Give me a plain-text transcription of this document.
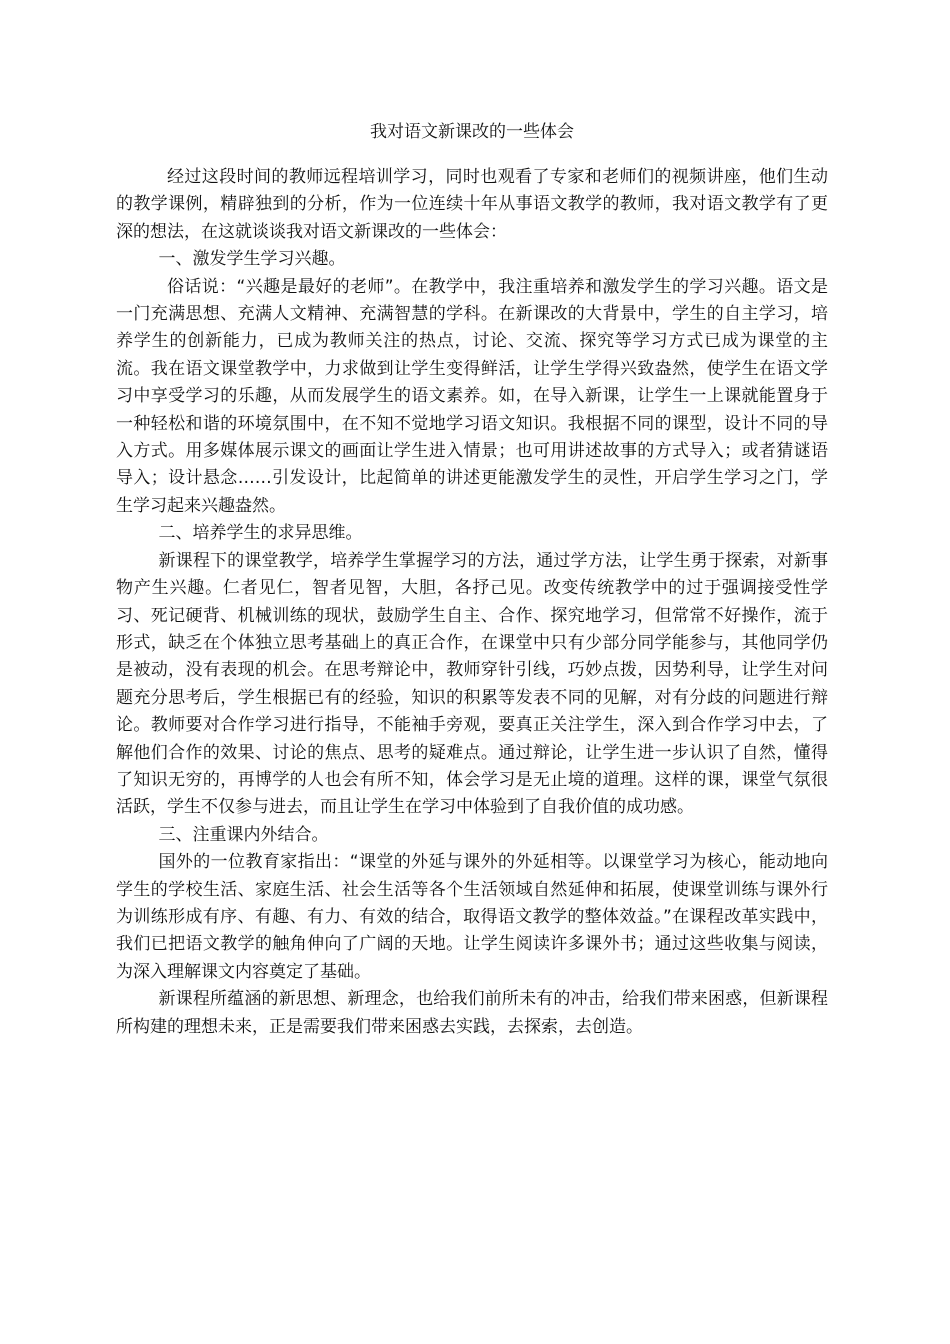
我对语文新课改的一些体会

经过这段时间的教师远程培训学习，同时也观看了专家和老师们的视频讲座，他们生动的教学课例，精辟独到的分析，作为一位连续十年从事语文教学的教师，我对语文教学有了更深的想法，在这就谈谈我对语文新课改的一些体会：

一、激发学生学习兴趣。

俗话说：“兴趣是最好的老师”。在教学中，我注重培养和激发学生的学习兴趣。语文是一门充满思想、充满人文精神、充满智慧的学科。在新课改的大背景中，学生的自主学习，培养学生的创新能力，已成为教师关注的热点，讨论、交流、探究等学习方式已成为课堂的主流。我在语文课堂教学中，力求做到让学生变得鲜活，让学生学得兴致盎然，使学生在语文学习中享受学习的乐趣，从而发展学生的语文素养。如，在导入新课，让学生一上课就能置身于一种轻松和谐的环境氛围中，在不知不觉地学习语文知识。我根据不同的课型，设计不同的导入方式。用多媒体展示课文的画面让学生进入情景；也可用讲述故事的方式导入；或者猜谜语导入；设计悬念……引发设计，比起简单的讲述更能激发学生的灵性，开启学生学习之门，学生学习起来兴趣盎然。

二、培养学生的求异思维。

新课程下的课堂教学，培养学生掌握学习的方法，通过学方法，让学生勇于探索，对新事物产生兴趣。仁者见仁，智者见智，大胆，各抒己见。改变传统教学中的过于强调接受性学习、死记硬背、机械训练的现状，鼓励学生自主、合作、探究地学习，但常常不好操作，流于形式，缺乏在个体独立思考基础上的真正合作，在课堂中只有少部分同学能参与，其他同学仍是被动，没有表现的机会。在思考辩论中，教师穿针引线，巧妙点拨，因势利导，让学生对问题充分思考后，学生根据已有的经验，知识的积累等发表不同的见解，对有分歧的问题进行辩论。教师要对合作学习进行指导，不能袖手旁观，要真正关注学生，深入到合作学习中去，了解他们合作的效果、讨论的焦点、思考的疑难点。通过辩论，让学生进一步认识了自然，懂得了知识无穷的，再博学的人也会有所不知，体会学习是无止境的道理。这样的课，课堂气氛很活跃，学生不仅参与进去，而且让学生在学习中体验到了自我价值的成功感。

三、注重课内外结合。

国外的一位教育家指出：“课堂的外延与课外的外延相等。以课堂学习为核心，能动地向学生的学校生活、家庭生活、社会生活等各个生活领域自然延伸和拓展，使课堂训练与课外行为训练形成有序、有趣、有力、有效的结合，取得语文教学的整体效益。”在课程改革实践中，我们已把语文教学的触角伸向了广阔的天地。让学生阅读许多课外书；通过这些收集与阅读，为深入理解课文内容奠定了基础。

新课程所蕴涵的新思想、新理念，也给我们前所未有的冲击，给我们带来困惑，但新课程所构建的理想未来，正是需要我们带来困惑去实践，去探索，去创造。
